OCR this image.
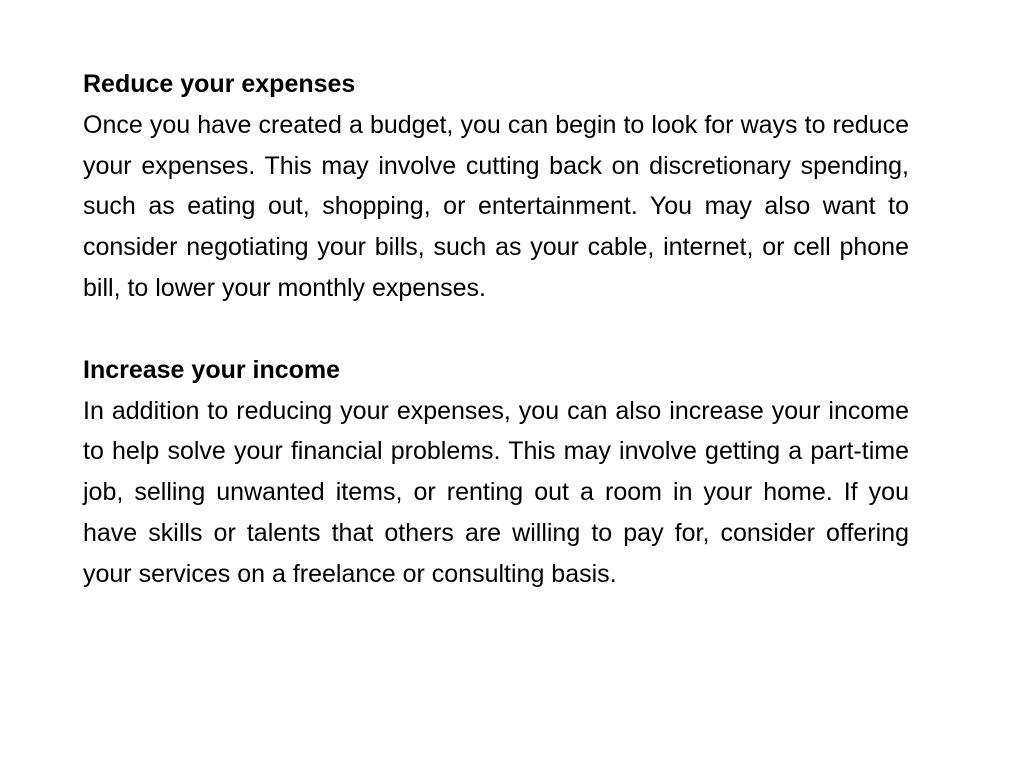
Reduce your expenses
Once you have created a budget, you can begin to look for ways to reduce your expenses. This may involve cutting back on discretionary spending, such as eating out, shopping, or entertainment. You may also want to consider negotiating your bills, such as your cable, internet, or cell phone bill, to lower your monthly expenses.
Increase your income
In addition to reducing your expenses, you can also increase your income to help solve your financial problems. This may involve getting a part-time job, selling unwanted items, or renting out a room in your home. If you have skills or talents that others are willing to pay for, consider offering your services on a freelance or consulting basis.
